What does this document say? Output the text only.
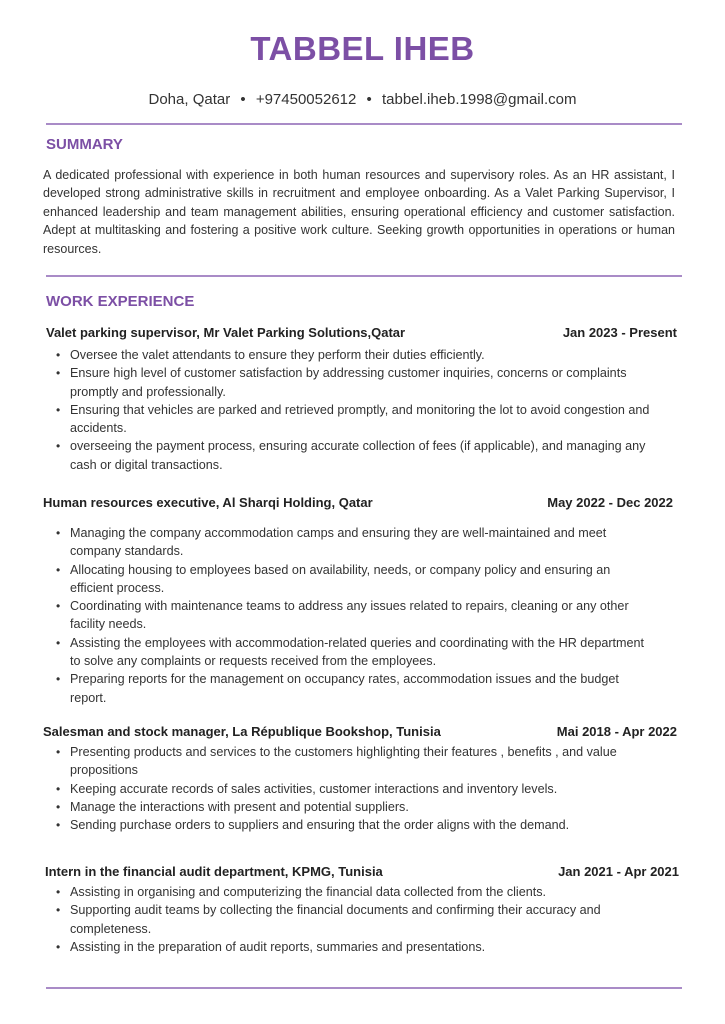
TABBEL IHEB
Doha, Qatar • +97450052612 • tabbel.iheb.1998@gmail.com
SUMMARY

A dedicated professional with experience in both human resources and supervisory roles. As an HR assistant, I developed strong administrative skills in recruitment and employee onboarding. As a Valet Parking Supervisor, I enhanced leadership and team management abilities, ensuring operational efficiency and customer satisfaction. Adept at multitasking and fostering a positive work culture. Seeking growth opportunities in operations or human resources.

WORK EXPERIENCE
Valet parking supervisor, Mr Valet Parking Solutions,Qatar	Jan 2023 - Present
• Oversee the valet attendants to ensure they perform their duties efficiently.
• Ensure high level of customer satisfaction by addressing customer inquiries, concerns or complaints promptly and professionally.
• Ensuring that vehicles are parked and retrieved promptly, and monitoring the lot to avoid congestion and accidents.
• overseeing the payment process, ensuring accurate collection of fees (if applicable), and managing any cash or digital transactions.
Human resources executive, Al Sharqi Holding, Qatar	May 2022 - Dec 2022
• Managing the company accommodation camps and ensuring they are well-maintained and meet company standards.
• Allocating housing to employees based on availability, needs, or company policy and ensuring an efficient process.
• Coordinating with maintenance teams to address any issues related to repairs, cleaning or any other facility needs.
• Assisting the employees with accommodation-related queries and coordinating with the HR department to solve any complaints or requests received from the employees.
• Preparing reports for the management on occupancy rates, accommodation issues and the budget report.
Salesman and stock manager, La République Bookshop, Tunisia	Mai 2018 - Apr 2022
• Presenting products and services to the customers highlighting their features , benefits , and value propositions
• Keeping accurate records of sales activities, customer interactions and inventory levels.
• Manage the interactions with present and potential suppliers.
• Sending purchase orders to suppliers and ensuring that the order aligns with the demand.
Intern in the financial audit department, KPMG, Tunisia	Jan 2021 - Apr 2021
• Assisting in organising and computerizing the financial data collected from the clients.
• Supporting audit teams by collecting the financial documents and confirming their accuracy and completeness.
• Assisting in the preparation of audit reports, summaries and presentations.
